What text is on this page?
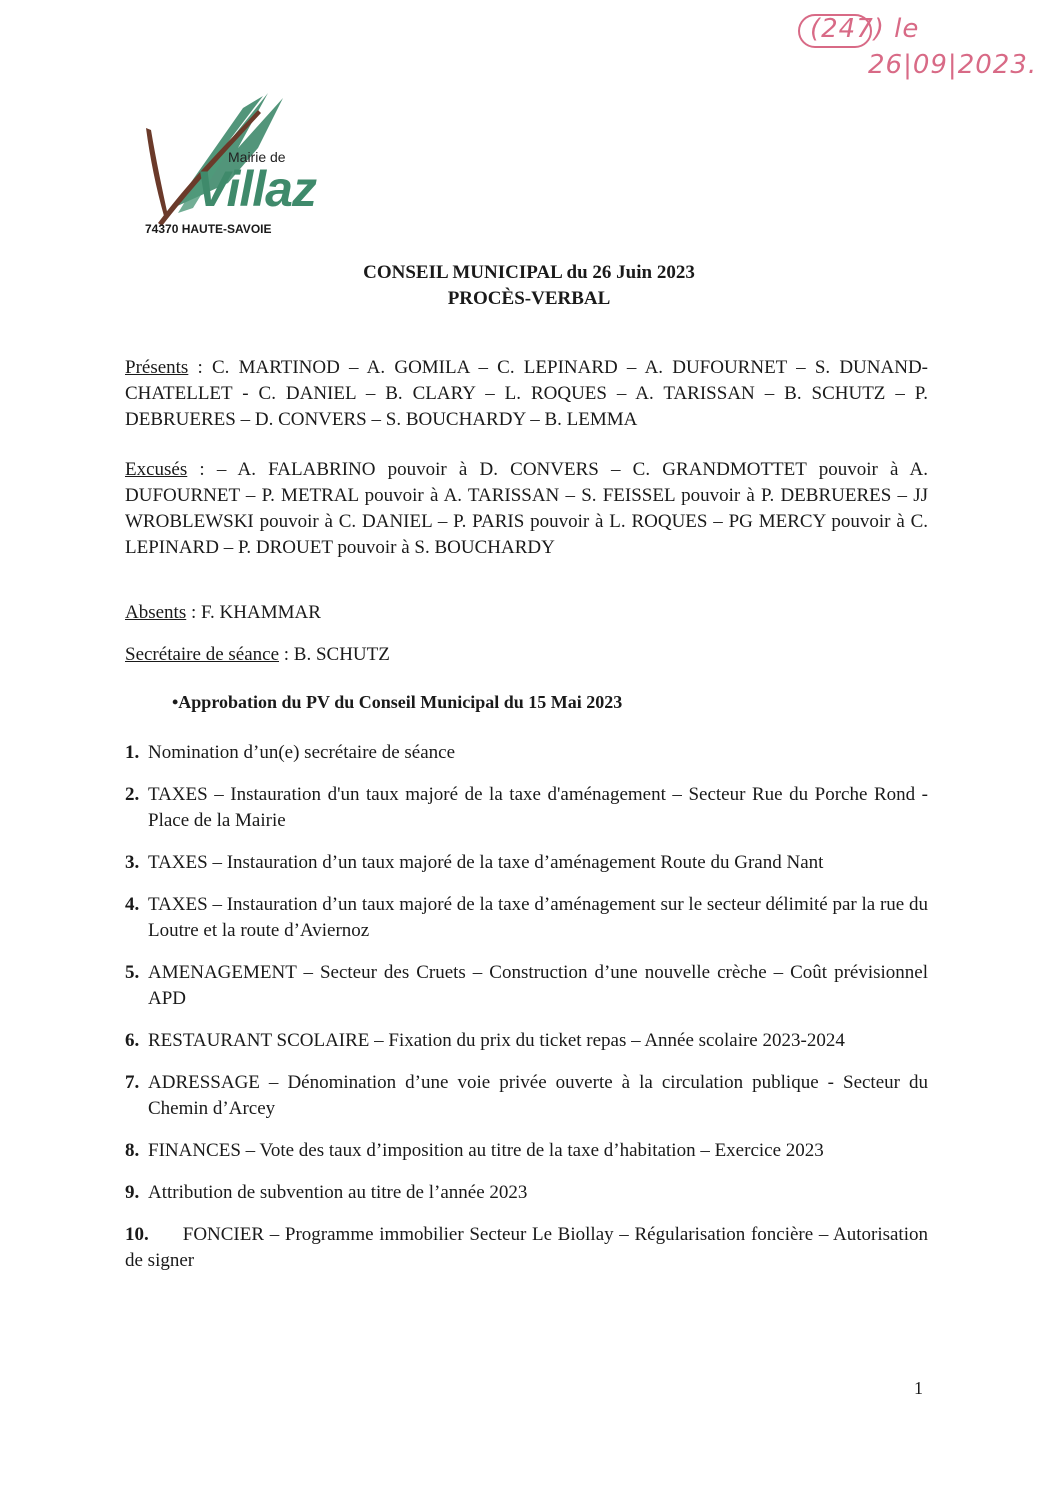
(247) le
26|09|2023.
Mairie de
Villaz
74370 HAUTE-SAVOIE
CONSEIL MUNICIPAL du 26 Juin 2023
PROCÈS-VERBAL
Présents : C. MARTINOD – A. GOMILA – C. LEPINARD – A. DUFOURNET – S. DUNAND-CHATELLET - C. DANIEL – B. CLARY – L. ROQUES – A. TARISSAN – B. SCHUTZ – P. DEBRUERES – D. CONVERS – S. BOUCHARDY – B. LEMMA
Excusés : – A. FALABRINO pouvoir à D. CONVERS – C. GRANDMOTTET pouvoir à A. DUFOURNET – P. METRAL pouvoir à A. TARISSAN – S. FEISSEL pouvoir à P. DEBRUERES – JJ WROBLEWSKI pouvoir à C. DANIEL – P. PARIS pouvoir à L. ROQUES – PG MERCY pouvoir à C. LEPINARD – P. DROUET pouvoir à S. BOUCHARDY
Absents : F. KHAMMAR
Secrétaire de séance : B. SCHUTZ
•Approbation du PV du Conseil Municipal du 15 Mai 2023
1. Nomination d’un(e) secrétaire de séance
2. TAXES – Instauration d'un taux majoré de la taxe d'aménagement – Secteur Rue du Porche Rond - Place de la Mairie
3. TAXES – Instauration d’un taux majoré de la taxe d’aménagement Route du Grand Nant
4. TAXES – Instauration d’un taux majoré de la taxe d’aménagement sur le secteur délimité par la rue du Loutre et la route d’Aviernoz
5. AMENAGEMENT – Secteur des Cruets – Construction d’une nouvelle crèche – Coût prévisionnel APD
6. RESTAURANT SCOLAIRE – Fixation du prix du ticket repas – Année scolaire 2023-2024
7. ADRESSAGE – Dénomination d’une voie privée ouverte à la circulation publique - Secteur du Chemin d’Arcey
8. FINANCES – Vote des taux d’imposition au titre de la taxe d’habitation – Exercice 2023
9. Attribution de subvention au titre de l’année 2023
10. FONCIER – Programme immobilier Secteur Le Biollay – Régularisation foncière – Autorisation de signer
1
